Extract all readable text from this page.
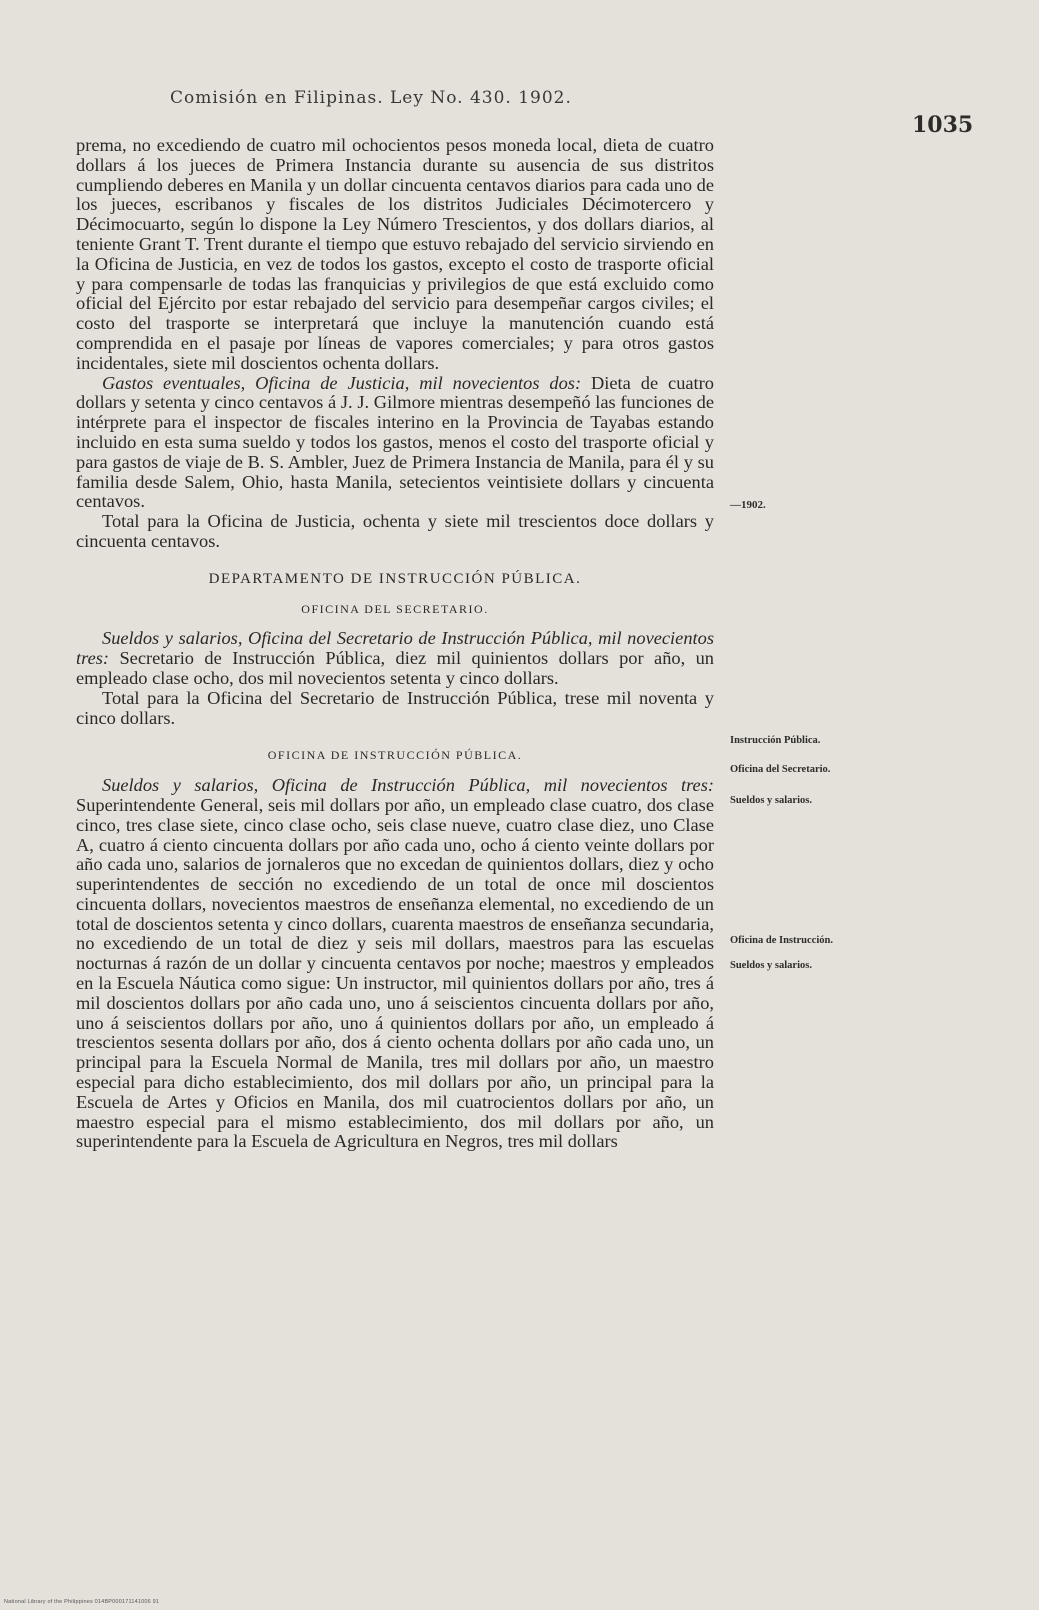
Comisión en Filipinas. Ley No. 430. 1902.
1035

prema, no excediendo de cuatro mil ochocientos pesos moneda local, dieta de cuatro dollars á los jueces de Primera Instancia durante su ausencia de sus distritos cumpliendo deberes en Manila y un dollar cincuenta centavos diarios para cada uno de los jueces, escribanos y fiscales de los distritos Judiciales Décimotercero y Décimocuarto, según lo dispone la Ley Número Trescientos, y dos dollars diarios, al teniente Grant T. Trent durante el tiempo que estuvo rebajado del servicio sirviendo en la Oficina de Justicia, en vez de todos los gastos, excepto el costo de trasporte oficial y para compensarle de todas las franquicias y privilegios de que está excluido como oficial del Ejército por estar rebajado del servicio para desempeñar cargos civiles; el costo del trasporte se interpretará que incluye la manutención cuando está comprendida en el pasaje por líneas de vapores comerciales; y para otros gastos incidentales, siete mil doscientos ochenta dollars.

Gastos eventuales, Oficina de Justicia, mil novecientos dos: Dieta de cuatro dollars y setenta y cinco centavos á J. J. Gilmore mientras desempeñó las funciones de intérprete para el inspector de fiscales interino en la Provincia de Tayabas estando incluido en esta suma sueldo y todos los gastos, menos el costo del trasporte oficial y para gastos de viaje de B. S. Ambler, Juez de Primera Instancia de Manila, para él y su familia desde Salem, Ohio, hasta Manila, setecientos veintisiete dollars y cincuenta centavos.

Total para la Oficina de Justicia, ochenta y siete mil trescientos doce dollars y cincuenta centavos.

DEPARTAMENTO DE INSTRUCCIÓN PÚBLICA.

OFICINA DEL SECRETARIO.

Sueldos y salarios, Oficina del Secretario de Instrucción Pública, mil novecientos tres: Secretario de Instrucción Pública, diez mil quinientos dollars por año, un empleado clase ocho, dos mil novecientos setenta y cinco dollars.

Total para la Oficina del Secretario de Instrucción Pública, trese mil noventa y cinco dollars.

OFICINA DE INSTRUCCIÓN PÚBLICA.

Sueldos y salarios, Oficina de Instrucción Pública, mil novecientos tres: Superintendente General, seis mil dollars por año, un empleado clase cuatro, dos clase cinco, tres clase siete, cinco clase ocho, seis clase nueve, cuatro clase diez, uno Clase A, cuatro á ciento cincuenta dollars por año cada uno, ocho á ciento veinte dollars por año cada uno, salarios de jornaleros que no excedan de quinientos dollars, diez y ocho superintendentes de sección no excediendo de un total de once mil doscientos cincuenta dollars, novecientos maestros de enseñanza elemental, no excediendo de un total de doscientos setenta y cinco dollars, cuarenta maestros de enseñanza secundaria, no excediendo de un total de diez y seis mil dollars, maestros para las escuelas nocturnas á razón de un dollar y cincuenta centavos por noche; maestros y empleados en la Escuela Náutica como sigue: Un instructor, mil quinientos dollars por año, tres á mil doscientos dollars por año cada uno, uno á seiscientos cincuenta dollars por año, uno á seiscientos dollars por año, uno á quinientos dollars por año, un empleado á trescientos sesenta dollars por año, dos á ciento ochenta dollars por año cada uno, un principal para la Escuela Normal de Manila, tres mil dollars por año, un maestro especial para dicho establecimiento, dos mil dollars por año, un principal para la Escuela de Artes y Oficios en Manila, dos mil cuatrocientos dollars por año, un maestro especial para el mismo establecimiento, dos mil dollars por año, un superintendente para la Escuela de Agricultura en Negros, tres mil dollars

—1902.
Instrucción Pública.
Oficina del Secretario.
Sueldos y salarios.
Oficina de Instrucción.
Sueldos y salarios.
National Library of the Philippines 014BP000171141006 91
